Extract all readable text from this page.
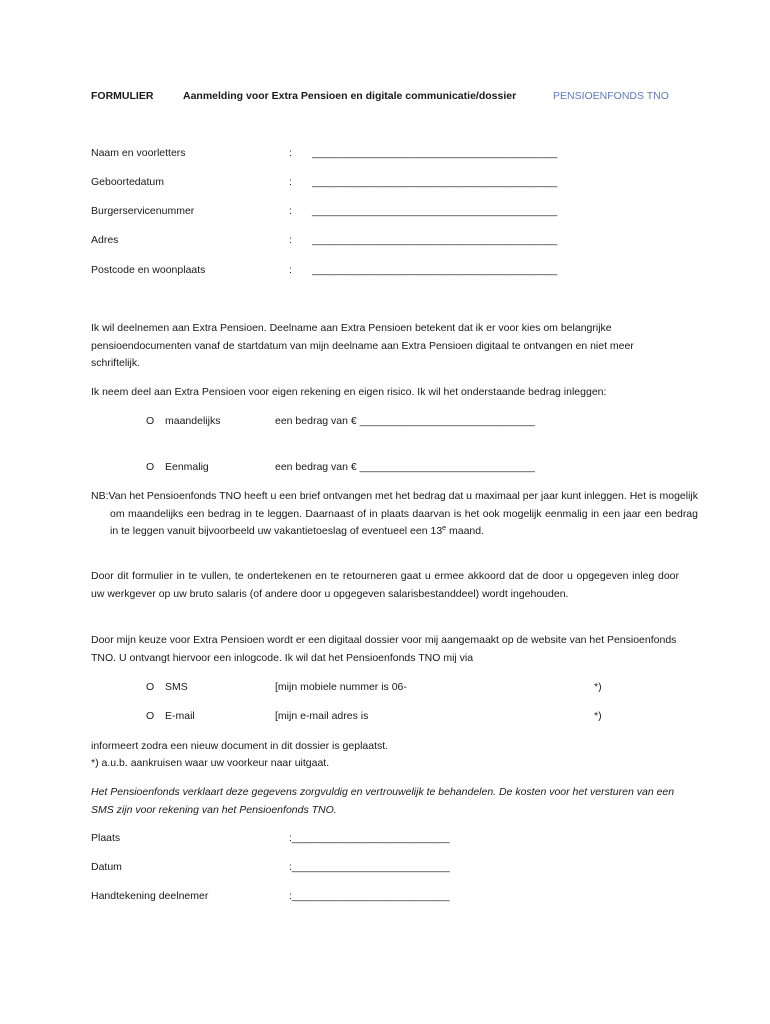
FORMULIER	Aanmelding voor Extra Pensioen en digitale communicatie/dossier	PENSIOENFONDS TNO
Naam en voorletters	: __________________________________________
Geboortedatum	: __________________________________________
Burgerservicenummer	: __________________________________________
Adres	: __________________________________________
Postcode en woonplaats	: __________________________________________
Ik wil deelnemen aan Extra Pensioen. Deelname aan Extra Pensioen betekent dat ik er voor kies om belangrijke pensioendocumenten vanaf de startdatum van mijn deelname aan Extra Pensioen digitaal te ontvangen en niet meer schriftelijk.
Ik neem deel aan Extra Pensioen voor eigen rekening en eigen risico. Ik wil het onderstaande bedrag inleggen:
O maandelijks	een bedrag van € ______________________________
O Eenmalig	een bedrag van € ______________________________
NB:Van het Pensioenfonds TNO heeft u een brief ontvangen met het bedrag dat u maximaal per jaar kunt inleggen. Het is mogelijk om maandelijks een bedrag in te leggen. Daarnaast of in plaats daarvan is het ook mogelijk eenmalig in een jaar een bedrag in te leggen vanuit bijvoorbeeld uw vakantietoeslag of eventueel een 13e maand.
Door dit formulier in te vullen, te ondertekenen en te retourneren gaat u ermee akkoord dat de door u opgegeven inleg door uw werkgever op uw bruto salaris (of andere door u opgegeven salarisbestanddeel) wordt ingehouden.
Door mijn keuze voor Extra Pensioen wordt er een digitaal dossier voor mij aangemaakt op de website van het Pensioenfonds TNO. U ontvangt hiervoor een inlogcode. Ik wil dat het Pensioenfonds TNO mij via
O SMS	[mijn mobiele nummer is 06-	*)
O E-mail	[mijn e-mail adres is	*)
informeert zodra een nieuw document in dit dossier is geplaatst.
*) a.u.b. aankruisen waar uw voorkeur naar uitgaat.
Het Pensioenfonds verklaart deze gegevens zorgvuldig en vertrouwelijk te behandelen. De kosten voor het versturen van een SMS zijn voor rekening van het Pensioenfonds TNO.
Plaats	:___________________________
Datum	:___________________________
Handtekening deelnemer	:___________________________
